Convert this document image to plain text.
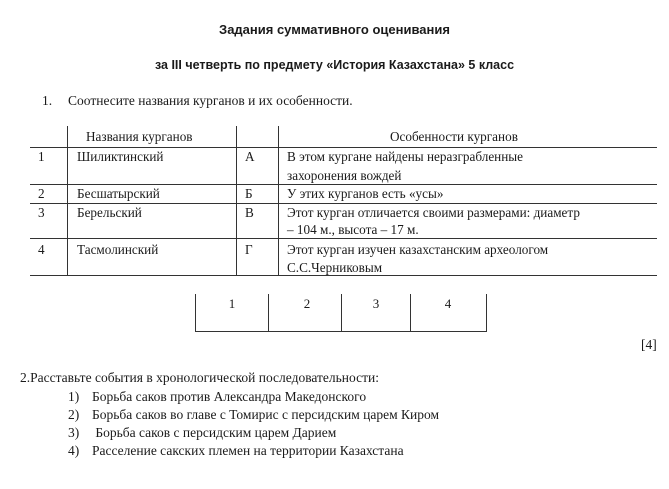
Задания суммативного оценивания
за III четверть по предмету «История Казахстана» 5 класс
1. Соотнесите названия курганов и их особенности.
Названия курганов	Особенности курганов
1 Шиликтинский	А В этом кургане найдены неразграбленные
захоронения вождей
2 Бесшатырский	Б	У этих курганов есть «усы»
3 Берельский	В	Этот курган отличается своими размерами: диаметр
– 104 м., высота – 17 м.
4 Тасмолинский	Г	Этот курган изучен казахстанским археологом
С.С.Черниковым
1	2	3	4
[4]
2.Расставьте события в хронологической последовательности:
1) Борьба саков против Александра Македонского
2) Борьба саков во главе с Томирис с персидским царем Киром
3) Борьба саков с персидским царем Дарием
4) Расселение сакских племен на территории Казахстана
